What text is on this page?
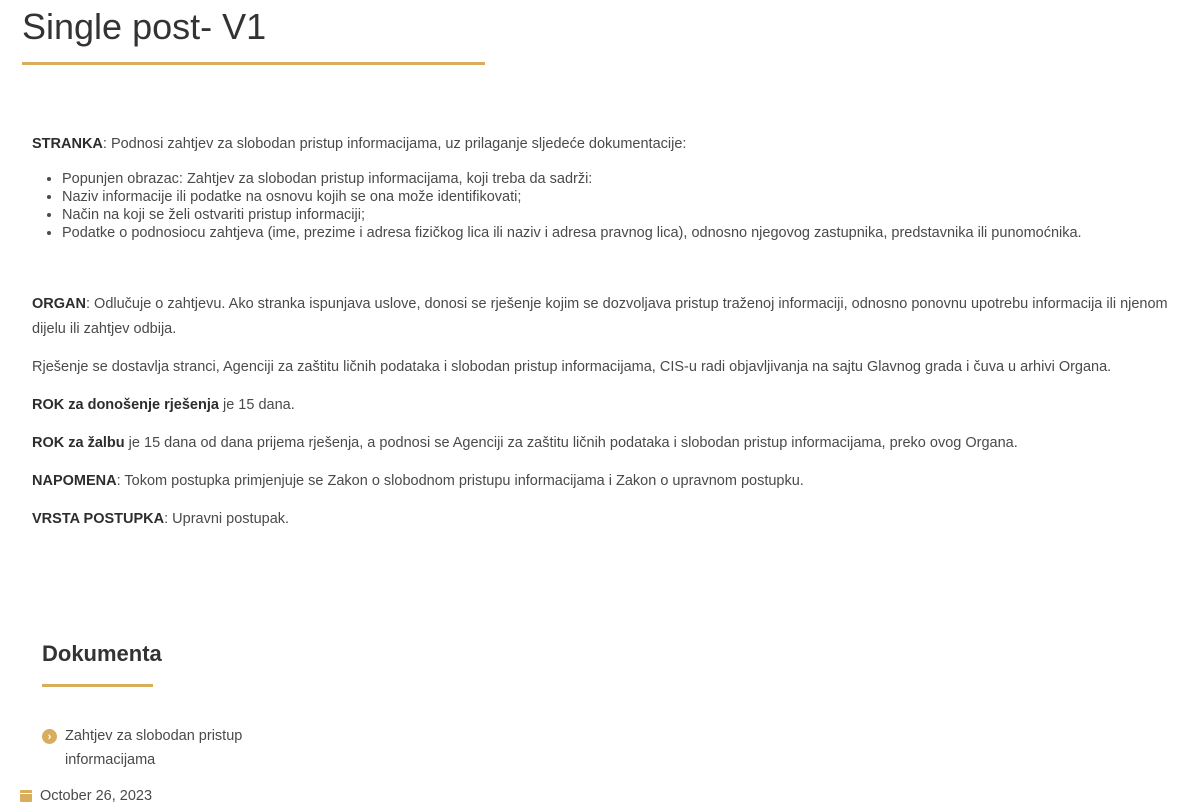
Single post- V1

STRANKA: Podnosi zahtjev za slobodan pristup informacijama, uz prilaganje sljedeće dokumentacije:

• Popunjen obrazac: Zahtjev za slobodan pristup informacijama, koji treba da sadrži:
• Naziv informacije ili podatke na osnovu kojih se ona može identifikovati;
• Način na koji se želi ostvariti pristup informaciji;
• Podatke o podnosiocu zahtjeva (ime, prezime i adresa fizičkog lica ili naziv i adresa pravnog lica), odnosno njegovog zastupnika, predstavnika ili punomoćnika.

ORGAN: Odlučuje o zahtjevu. Ako stranka ispunjava uslove, donosi se rješenje kojim se dozvoljava pristup traženoj informaciji, odnosno ponovnu upotrebu informacija ili njenom dijelu ili zahtjev odbija.

Rješenje se dostavlja stranci, Agenciji za zaštitu ličnih podataka i slobodan pristup informacijama, CIS-u radi objavljivanja na sajtu Glavnog grada i čuva u arhivi Organa.

ROK za donošenje rješenja je 15 dana.

ROK za žalbu je 15 dana od dana prijema rješenja, a podnosi se Agenciji za zaštitu ličnih podataka i slobodan pristup informacijama, preko ovog Organa.

NAPOMENA: Tokom postupka primjenjuje se Zakon o slobodnom pristupu informacijama i Zakon o upravnom postupku.

VRSTA POSTUPKA: Upravni postupak.

Dokumenta
› Zahtjev za slobodan pristup informacijama
October 26, 2023
